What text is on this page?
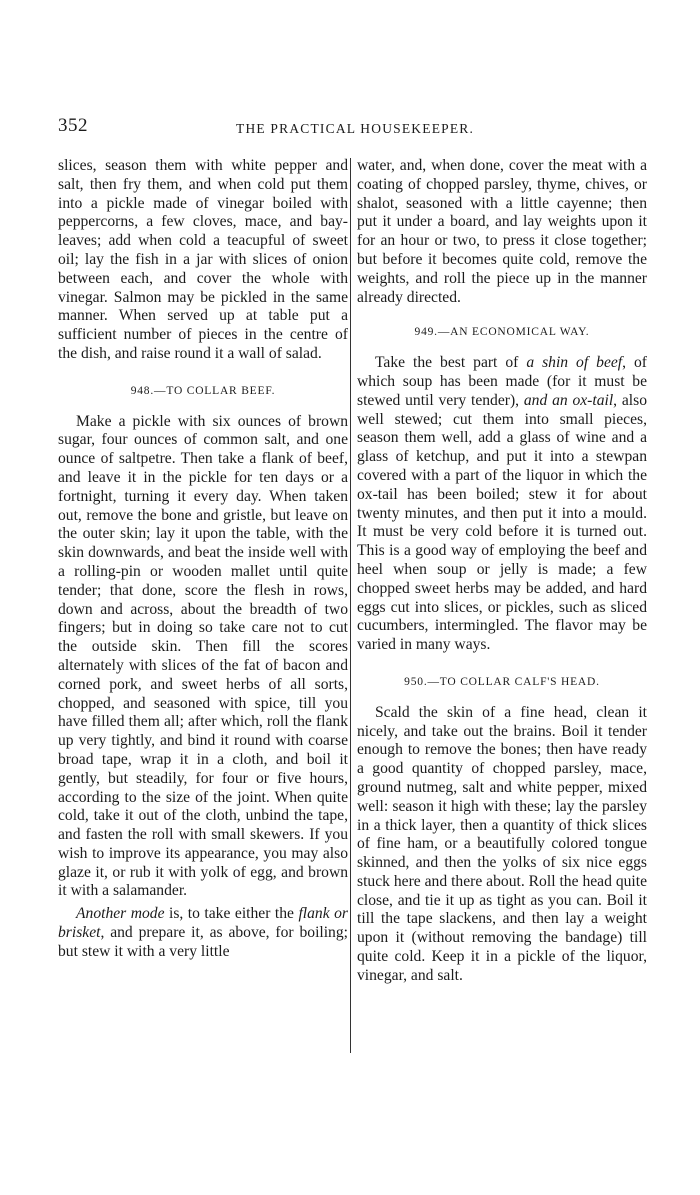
352	THE PRACTICAL HOUSEKEEPER.

slices, season them with white pepper and salt, then fry them, and when cold put them into a pickle made of vinegar boiled with peppercorns, a few cloves, mace, and bay-leaves; add when cold a teacupful of sweet oil; lay the fish in a jar with slices of onion between each, and cover the whole with vinegar. Salmon may be pickled in the same manner. When served up at table put a sufficient number of pieces in the centre of the dish, and raise round it a wall of salad.

948.—TO COLLAR BEEF.

Make a pickle with six ounces of brown sugar, four ounces of common salt, and one ounce of saltpetre. Then take a flank of beef, and leave it in the pickle for ten days or a fortnight, turning it every day. When taken out, remove the bone and gristle, but leave on the outer skin; lay it upon the table, with the skin downwards, and beat the inside well with a rolling-pin or wooden mallet until quite tender; that done, score the flesh in rows, down and across, about the breadth of two fingers; but in doing so take care not to cut the outside skin. Then fill the scores alternately with slices of the fat of bacon and corned pork, and sweet herbs of all sorts, chopped, and seasoned with spice, till you have filled them all; after which, roll the flank up very tightly, and bind it round with coarse broad tape, wrap it in a cloth, and boil it gently, but steadily, for four or five hours, according to the size of the joint. When quite cold, take it out of the cloth, unbind the tape, and fasten the roll with small skewers. If you wish to improve its appearance, you may also glaze it, or rub it with yolk of egg, and brown it with a salamander.

Another mode is, to take either the flank or brisket, and prepare it, as above, for boiling; but stew it with a very little

water, and, when done, cover the meat with a coating of chopped parsley, thyme, chives, or shalot, seasoned with a little cayenne; then put it under a board, and lay weights upon it for an hour or two, to press it close together; but before it becomes quite cold, remove the weights, and roll the piece up in the manner already directed.

949.—AN ECONOMICAL WAY.

Take the best part of a shin of beef, of which soup has been made (for it must be stewed until very tender), and an ox-tail, also well stewed; cut them into small pieces, season them well, add a glass of wine and a glass of ketchup, and put it into a stewpan covered with a part of the liquor in which the ox-tail has been boiled; stew it for about twenty minutes, and then put it into a mould. It must be very cold before it is turned out. This is a good way of employing the beef and heel when soup or jelly is made; a few chopped sweet herbs may be added, and hard eggs cut into slices, or pickles, such as sliced cucumbers, intermingled. The flavor may be varied in many ways.

950.—TO COLLAR CALF'S HEAD.

Scald the skin of a fine head, clean it nicely, and take out the brains. Boil it tender enough to remove the bones; then have ready a good quantity of chopped parsley, mace, ground nutmeg, salt and white pepper, mixed well: season it high with these; lay the parsley in a thick layer, then a quantity of thick slices of fine ham, or a beautifully colored tongue skinned, and then the yolks of six nice eggs stuck here and there about. Roll the head quite close, and tie it up as tight as you can. Boil it till the tape slackens, and then lay a weight upon it (without removing the bandage) till quite cold. Keep it in a pickle of the liquor, vinegar, and salt.
